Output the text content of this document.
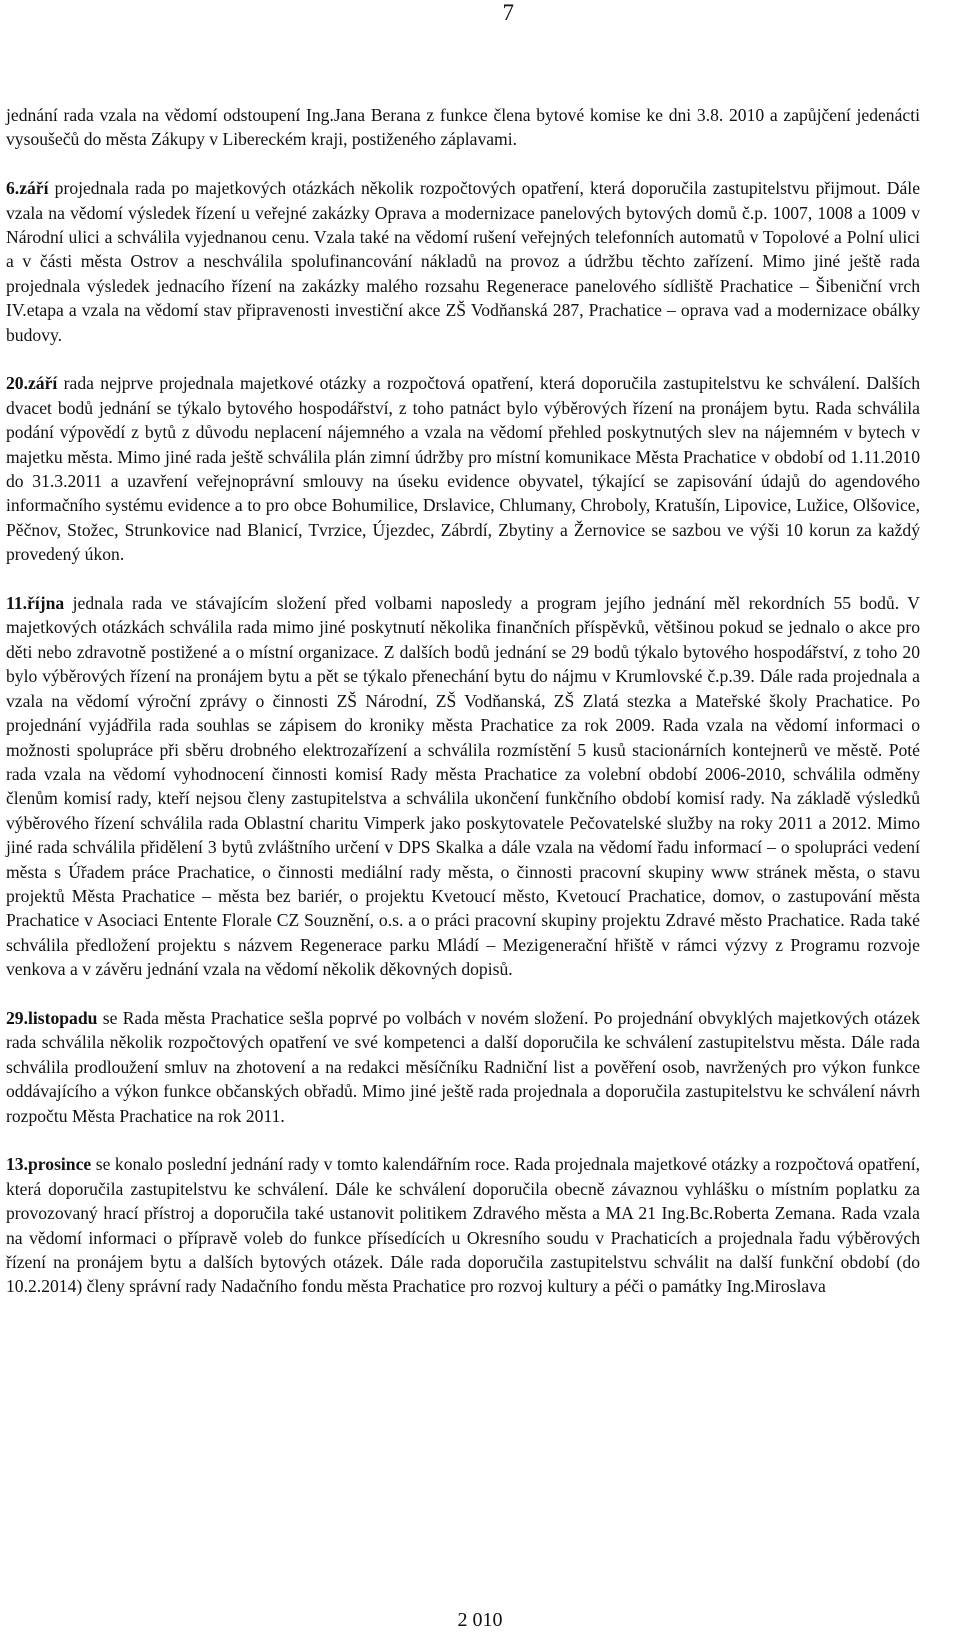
7

jednání rada vzala na vědomí odstoupení Ing.Jana Berana z funkce člena bytové komise ke dni 3.8. 2010 a zapůjčení jedenácti vysoušečů do města Zákupy v Libereckém kraji, postiženého záplavami.

6.září projednala rada po majetkových otázkách několik rozpočtových opatření, která doporučila zastupitelstvu přijmout. Dále vzala na vědomí výsledek řízení u veřejné zakázky Oprava a modernizace panelových bytových domů č.p. 1007, 1008 a 1009 v Národní ulici a schválila vyjednanou cenu. Vzala také na vědomí rušení veřejných telefonních automatů v Topolové a Polní ulici a v části města Ostrov a neschválila spolufinancování nákladů na provoz a údržbu těchto zařízení. Mimo jiné ještě rada projednala výsledek jednacího řízení na zakázky malého rozsahu Regenerace panelového sídliště Prachatice – Šibeniční vrch IV.etapa a vzala na vědomí stav připravenosti investiční akce ZŠ Vodňanská 287, Prachatice – oprava vad a modernizace obálky budovy.

20.září rada nejprve projednala majetkové otázky a rozpočtová opatření, která doporučila zastupitelstvu ke schválení. Dalších dvacet bodů jednání se týkalo bytového hospodářství, z toho patnáct bylo výběrových řízení na pronájem bytu. Rada schválila podání výpovědí z bytů z důvodu neplacení nájemného a vzala na vědomí přehled poskytnutých slev na nájemném v bytech v majetku města. Mimo jiné rada ještě schválila plán zimní údržby pro místní komunikace Města Prachatice v období od 1.11.2010 do 31.3.2011 a uzavření veřejnoprávní smlouvy na úseku evidence obyvatel, týkající se zapisování údajů do agendového informačního systému evidence a to pro obce Bohumilice, Drslavice, Chlumany, Chroboly, Kratušín, Lipovice, Lužice, Olšovice, Pěčnov, Stožec, Strunkovice nad Blanicí, Tvrzice, Újezdec, Zábrdí, Zbytiny a Žernovice se sazbou ve výši 10 korun za každý provedený úkon.

11.října jednala rada ve stávajícím složení před volbami naposledy a program jejího jednání měl rekordních 55 bodů. V majetkových otázkách schválila rada mimo jiné poskytnutí několika finančních příspěvků, většinou pokud se jednalo o akce pro děti nebo zdravotně postižené a o místní organizace. Z dalších bodů jednání se 29 bodů týkalo bytového hospodářství, z toho 20 bylo výběrových řízení na pronájem bytu a pět se týkalo přenechání bytu do nájmu v Krumlovské č.p.39. Dále rada projednala a vzala na vědomí výroční zprávy o činnosti ZŠ Národní, ZŠ Vodňanská, ZŠ Zlatá stezka a Mateřské školy Prachatice. Po projednání vyjádřila rada souhlas se zápisem do kroniky města Prachatice za rok 2009. Rada vzala na vědomí informaci o možnosti spolupráce při sběru drobného elektrozařízení a schválila rozmístění 5 kusů stacionárních kontejnerů ve městě. Poté rada vzala na vědomí vyhodnocení činnosti komisí Rady města Prachatice za volební období 2006-2010, schválila odměny členům komisí rady, kteří nejsou členy zastupitelstva a schválila ukončení funkčního období komisí rady. Na základě výsledků výběrového řízení schválila rada Oblastní charitu Vimperk jako poskytovatele Pečovatelské služby na roky 2011 a 2012. Mimo jiné rada schválila přidělení 3 bytů zvláštního určení v DPS Skalka a dále vzala na vědomí řadu informací – o spolupráci vedení města s Úřadem práce Prachatice, o činnosti mediální rady města, o činnosti pracovní skupiny www stránek města, o stavu projektů Města Prachatice – města bez bariér, o projektu Kvetoucí město, Kvetoucí Prachatice, domov, o zastupování města Prachatice v Asociaci Entente Florale CZ Souznění, o.s. a o práci pracovní skupiny projektu Zdravé město Prachatice. Rada také schválila předložení projektu s názvem Regenerace parku Mládí – Mezigenerační hřiště v rámci výzvy z Programu rozvoje venkova a v závěru jednání vzala na vědomí několik děkovných dopisů.

29.listopadu se Rada města Prachatice sešla poprvé po volbách v novém složení. Po projednání obvyklých majetkových otázek rada schválila několik rozpočtových opatření ve své kompetenci a další doporučila ke schválení zastupitelstvu města. Dále rada schválila prodloužení smluv na zhotovení a na redakci měsíčníku Radniční list a pověření osob, navržených pro výkon funkce oddávajícího a výkon funkce občanských obřadů. Mimo jiné ještě rada projednala a doporučila zastupitelstvu ke schválení návrh rozpočtu Města Prachatice na rok 2011.

13.prosince se konalo poslední jednání rady v tomto kalendářním roce. Rada projednala majetkové otázky a rozpočtová opatření, která doporučila zastupitelstvu ke schválení. Dále ke schválení doporučila obecně závaznou vyhlášku o místním poplatku za provozovaný hrací přístroj a doporučila také ustanovit politikem Zdravého města a MA 21 Ing.Bc.Roberta Zemana. Rada vzala na vědomí informaci o přípravě voleb do funkce přísedících u Okresního soudu v Prachaticích a projednala řadu výběrových řízení na pronájem bytu a dalších bytových otázek. Dále rada doporučila zastupitelstvu schválit na další funkční období (do 10.2.2014) členy správní rady Nadačního fondu města Prachatice pro rozvoj kultury a péči o památky Ing.Miroslava

2 010
